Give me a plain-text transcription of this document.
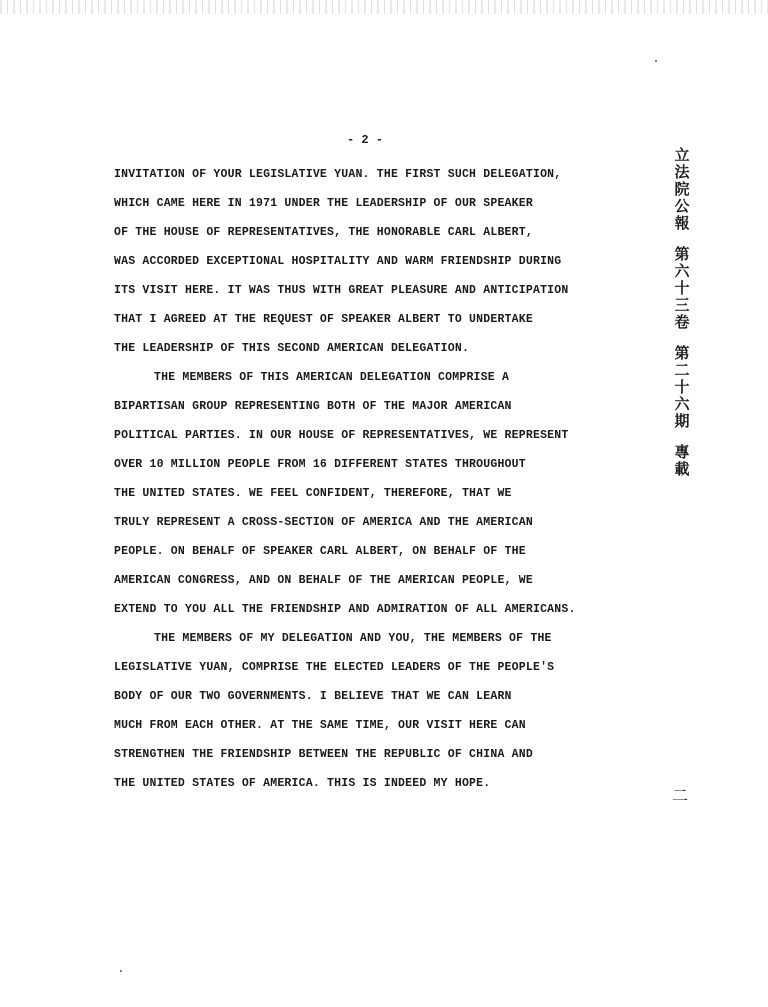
- 2 -
INVITATION OF YOUR LEGISLATIVE YUAN. THE FIRST SUCH DELEGATION,
WHICH CAME HERE IN 1971 UNDER THE LEADERSHIP OF OUR SPEAKER
OF THE HOUSE OF REPRESENTATIVES, THE HONORABLE CARL ALBERT,
WAS ACCORDED EXCEPTIONAL HOSPITALITY AND WARM FRIENDSHIP DURING
ITS VISIT HERE. IT WAS THUS WITH GREAT PLEASURE AND ANTICIPATION
THAT I AGREED AT THE REQUEST OF SPEAKER ALBERT TO UNDERTAKE
THE LEADERSHIP OF THIS SECOND AMERICAN DELEGATION.
THE MEMBERS OF THIS AMERICAN DELEGATION COMPRISE A
BIPARTISAN GROUP REPRESENTING BOTH OF THE MAJOR AMERICAN
POLITICAL PARTIES. IN OUR HOUSE OF REPRESENTATIVES, WE REPRESENT
OVER 10 MILLION PEOPLE FROM 16 DIFFERENT STATES THROUGHOUT
THE UNITED STATES. WE FEEL CONFIDENT, THEREFORE, THAT WE
TRULY REPRESENT A CROSS-SECTION OF AMERICA AND THE AMERICAN
PEOPLE. ON BEHALF OF SPEAKER CARL ALBERT, ON BEHALF OF THE
AMERICAN CONGRESS, AND ON BEHALF OF THE AMERICAN PEOPLE, WE
EXTEND TO YOU ALL THE FRIENDSHIP AND ADMIRATION OF ALL AMERICANS.
THE MEMBERS OF MY DELEGATION AND YOU, THE MEMBERS OF THE
LEGISLATIVE YUAN, COMPRISE THE ELECTED LEADERS OF THE PEOPLE'S
BODY OF OUR TWO GOVERNMENTS. I BELIEVE THAT WE CAN LEARN
MUCH FROM EACH OTHER. AT THE SAME TIME, OUR VISIT HERE CAN
STRENGTHEN THE FRIENDSHIP BETWEEN THE REPUBLIC OF CHINA AND
THE UNITED STATES OF AMERICA. THIS IS INDEED MY HOPE.
立
法
院
公
報
第
六
十
三
卷
第
二
十
六
期
專
載
二
